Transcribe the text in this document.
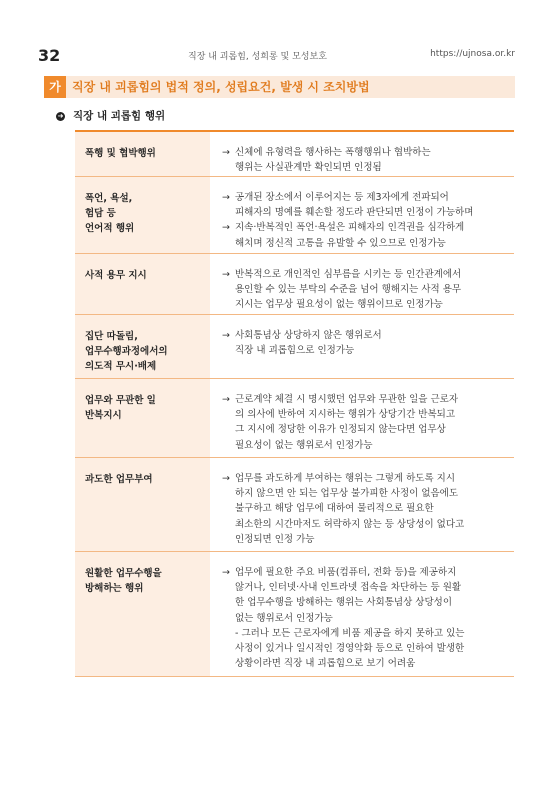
32	직장 내 괴롭힘, 성희롱 및 모성보호	https://ujnosa.or.kr
가 직장 내 괴롭힘의 법적 정의, 성립요건, 발생 시 조치방법
➜ 직장 내 괴롭힘 행위
폭행 및 협박행위	→ 신체에 유형력을 행사하는 폭행행위나 협박하는
행위는 사실관계만 확인되면 인정됨
폭언, 욕설,
험담 등
언어적 행위
→ 공개된 장소에서 이루어지는 등 제3자에게 전파되어
피해자의 명예를 훼손할 정도라 판단되면 인정이 가능하며
→ 지속·반복적인 폭언·욕설은 피해자의 인격권을 심각하게
해치며 정신적 고통을 유발할 수 있으므로 인정가능
사적 용무 지시	→ 반복적으로 개인적인 심부름을 시키는 등 인간관계에서
용인할 수 있는 부탁의 수준을 넘어 행해지는 사적 용무
지시는 업무상 필요성이 없는 행위이므로 인정가능
집단 따돌림,
업무수행과정에서의
의도적 무시·배제
→ 사회통념상 상당하지 않은 행위로서
직장 내 괴롭힘으로 인정가능
업무와 무관한 일
반복지시
→ 근로계약 체결 시 명시했던 업무와 무관한 일을 근로자
의 의사에 반하여 지시하는 행위가 상당기간 반복되고
그 지시에 정당한 이유가 인정되지 않는다면 업무상
필요성이 없는 행위로서 인정가능
과도한 업무부여	→ 업무를 과도하게 부여하는 행위는 그렇게 하도록 지시
하지 않으면 안 되는 업무상 불가피한 사정이 없음에도
불구하고 해당 업무에 대하여 물리적으로 필요한
최소한의 시간마저도 허락하지 않는 등 상당성이 없다고
인정되면 인정 가능
원활한 업무수행을
방해하는 행위
→ 업무에 필요한 주요 비품(컴퓨터, 전화 등)을 제공하지
않거나, 인터넷·사내 인트라넷 접속을 차단하는 등 원활
한 업무수행을 방해하는 행위는 사회통념상 상당성이
없는 행위로서 인정가능
- 그러나 모든 근로자에게 비품 제공을 하지 못하고 있는
사정이 있거나 일시적인 경영악화 등으로 인하여 발생한
상황이라면 직장 내 괴롭힘으로 보기 어려움
